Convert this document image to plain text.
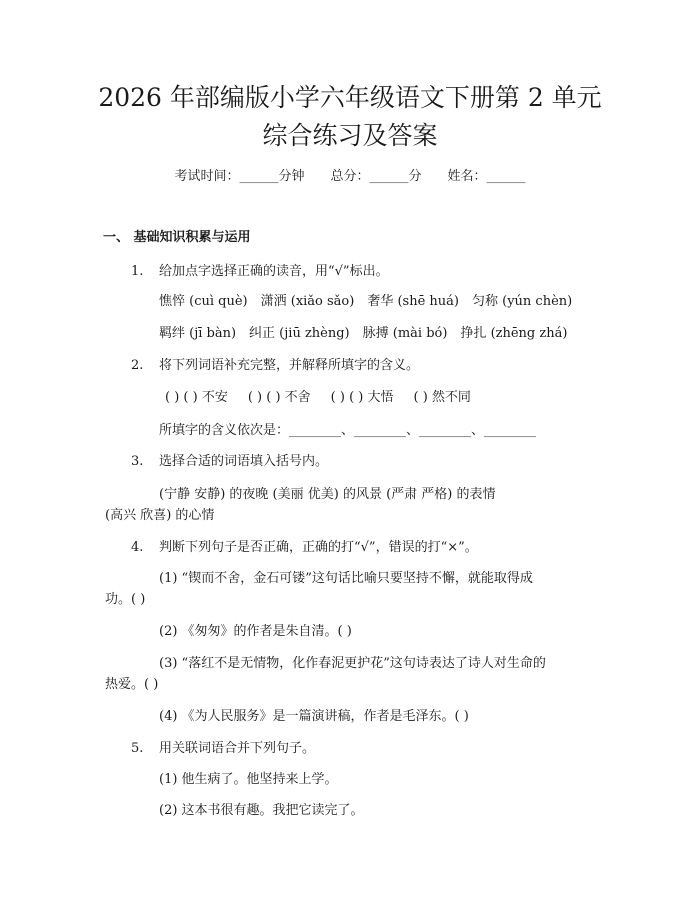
2026 年部编版小学六年级语文下册第 2 单元
综合练习及答案
考试时间：______分钟 总分：______分 姓名：______
一、 基础知识积累与运用
1. 给加点字选择正确的读音，用“√”标出。
憔悴 (cuì què) 潇洒 (xiǎo sǎo) 奢华 (shē huá) 匀称 (yún chèn)
羁绊 (jī bàn) 纠正 (jiū zhèng) 脉搏 (mài bó) 挣扎 (zhēng zhá)
2. 将下列词语补充完整，并解释所填字的含义。
( ) ( ) 不安 ( ) ( ) 不舍 ( ) ( ) 大悟 ( ) 然不同
所填字的含义依次是：________、________、________、________
3. 选择合适的词语填入括号内。
(宁静 安静) 的夜晚 (美丽 优美) 的风景 (严肃 严格) 的表情
(高兴 欣喜) 的心情
4. 判断下列句子是否正确，正确的打“√”，错误的打“×”。
(1) “锲而不舍，金石可镂”这句话比喻只要坚持不懈，就能取得成
功。( )
(2) 《匆匆》的作者是朱自清。( )
(3) “落红不是无情物，化作春泥更护花”这句诗表达了诗人对生命的
热爱。( )
(4) 《为人民服务》是一篇演讲稿，作者是毛泽东。( )
5. 用关联词语合并下列句子。
(1) 他生病了。他坚持来上学。
(2) 这本书很有趣。我把它读完了。
